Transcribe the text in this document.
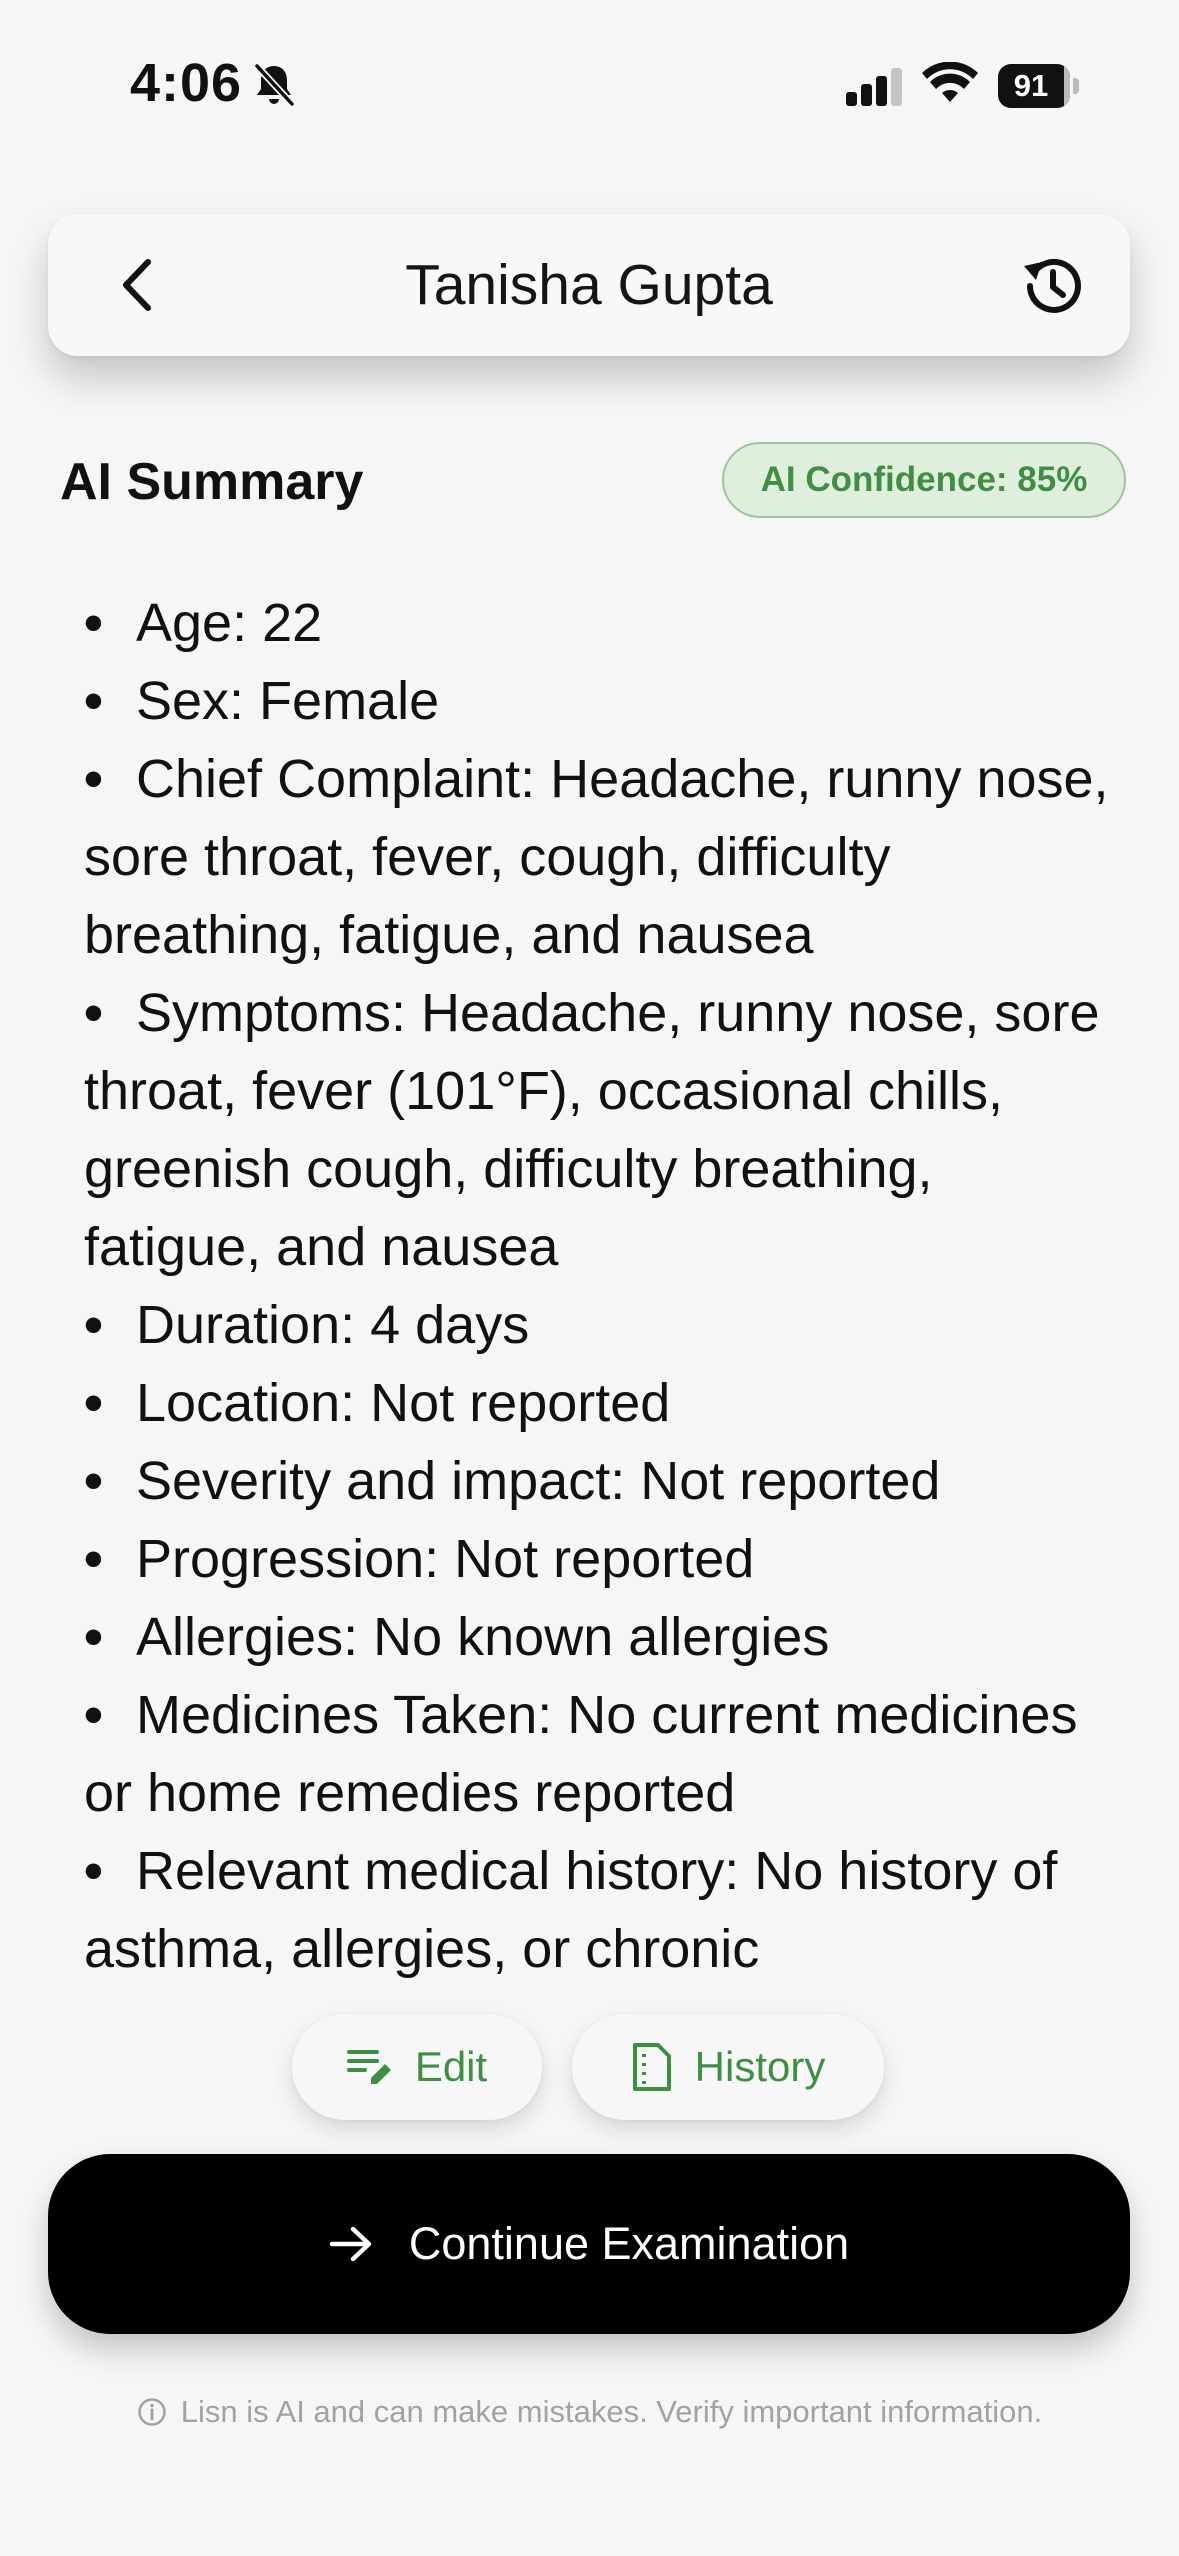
4:06	91
Tanisha Gupta
AI Summary	AI Confidence: 85%
• Age: 22
• Sex: Female
• Chief Complaint: Headache, runny nose, sore throat, fever, cough, difficulty breathing, fatigue, and nausea
• Symptoms: Headache, runny nose, sore throat, fever (101°F), occasional chills, greenish cough, difficulty breathing, fatigue, and nausea
• Duration: 4 days
• Location: Not reported
• Severity and impact: Not reported
• Progression: Not reported
• Allergies: No known allergies
• Medicines Taken: No current medicines or home remedies reported
• Relevant medical history: No history of asthma, allergies, or chronic
Edit	History
Continue Examination
Lisn is AI and can make mistakes. Verify important information.
